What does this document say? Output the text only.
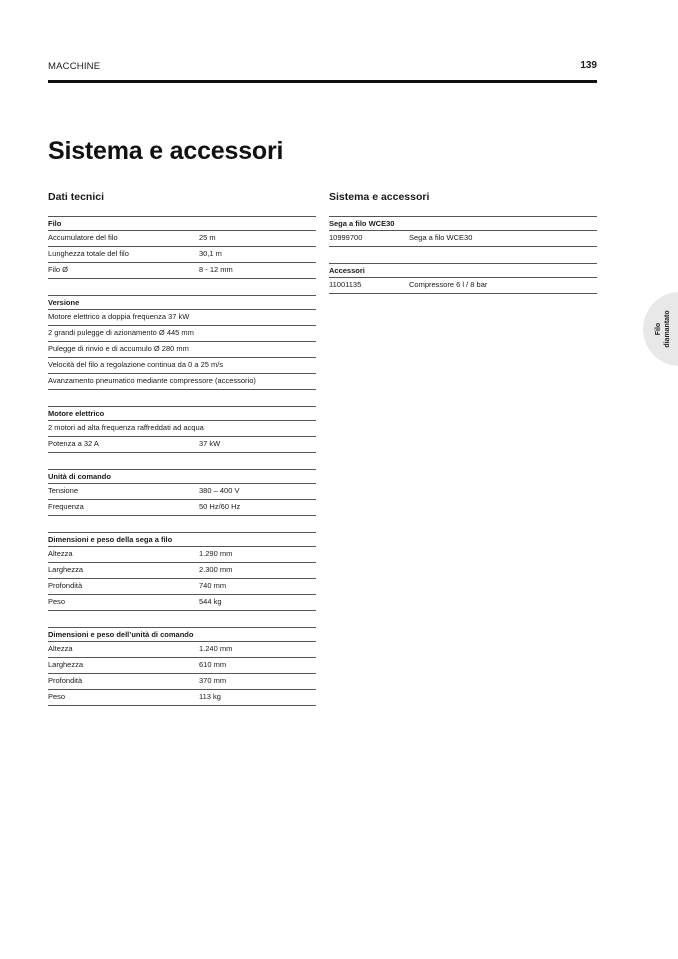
MACCHINE	139
Sistema e accessori
Dati tecnici
Filo
Accumulatore del filo	25 m
Lunghezza totale del filo	30,1 m
Filo Ø	8 - 12 mm
Versione
Motore elettrico a doppia frequenza 37 kW
2 grandi pulegge di azionamento Ø 445 mm
Pulegge di rinvio e di accumulo Ø 280 mm
Velocità del filo a regolazione continua da 0 a 25 m/s
Avanzamento pneumatico mediante compressore (accessorio)
Motore elettrico
2 motori ad alta frequenza raffreddati ad acqua
Potenza a 32 A	37 kW
Unità di comando
Tensione	380 – 400 V
Frequenza	50 Hz/60 Hz
Dimensioni e peso della sega a filo
Altezza	1.290 mm
Larghezza	2.300 mm
Profondità	740 mm
Peso	544 kg
Dimensioni e peso dell’unità di comando
Altezza	1.240 mm
Larghezza	610 mm
Profondità	370 mm
Peso	113 kg
Sistema e accessori
Sega a filo WCE30
10999700	Sega a filo WCE30
Accessori
11001135	Compressore 6 l / 8 bar
Filo diamantato
